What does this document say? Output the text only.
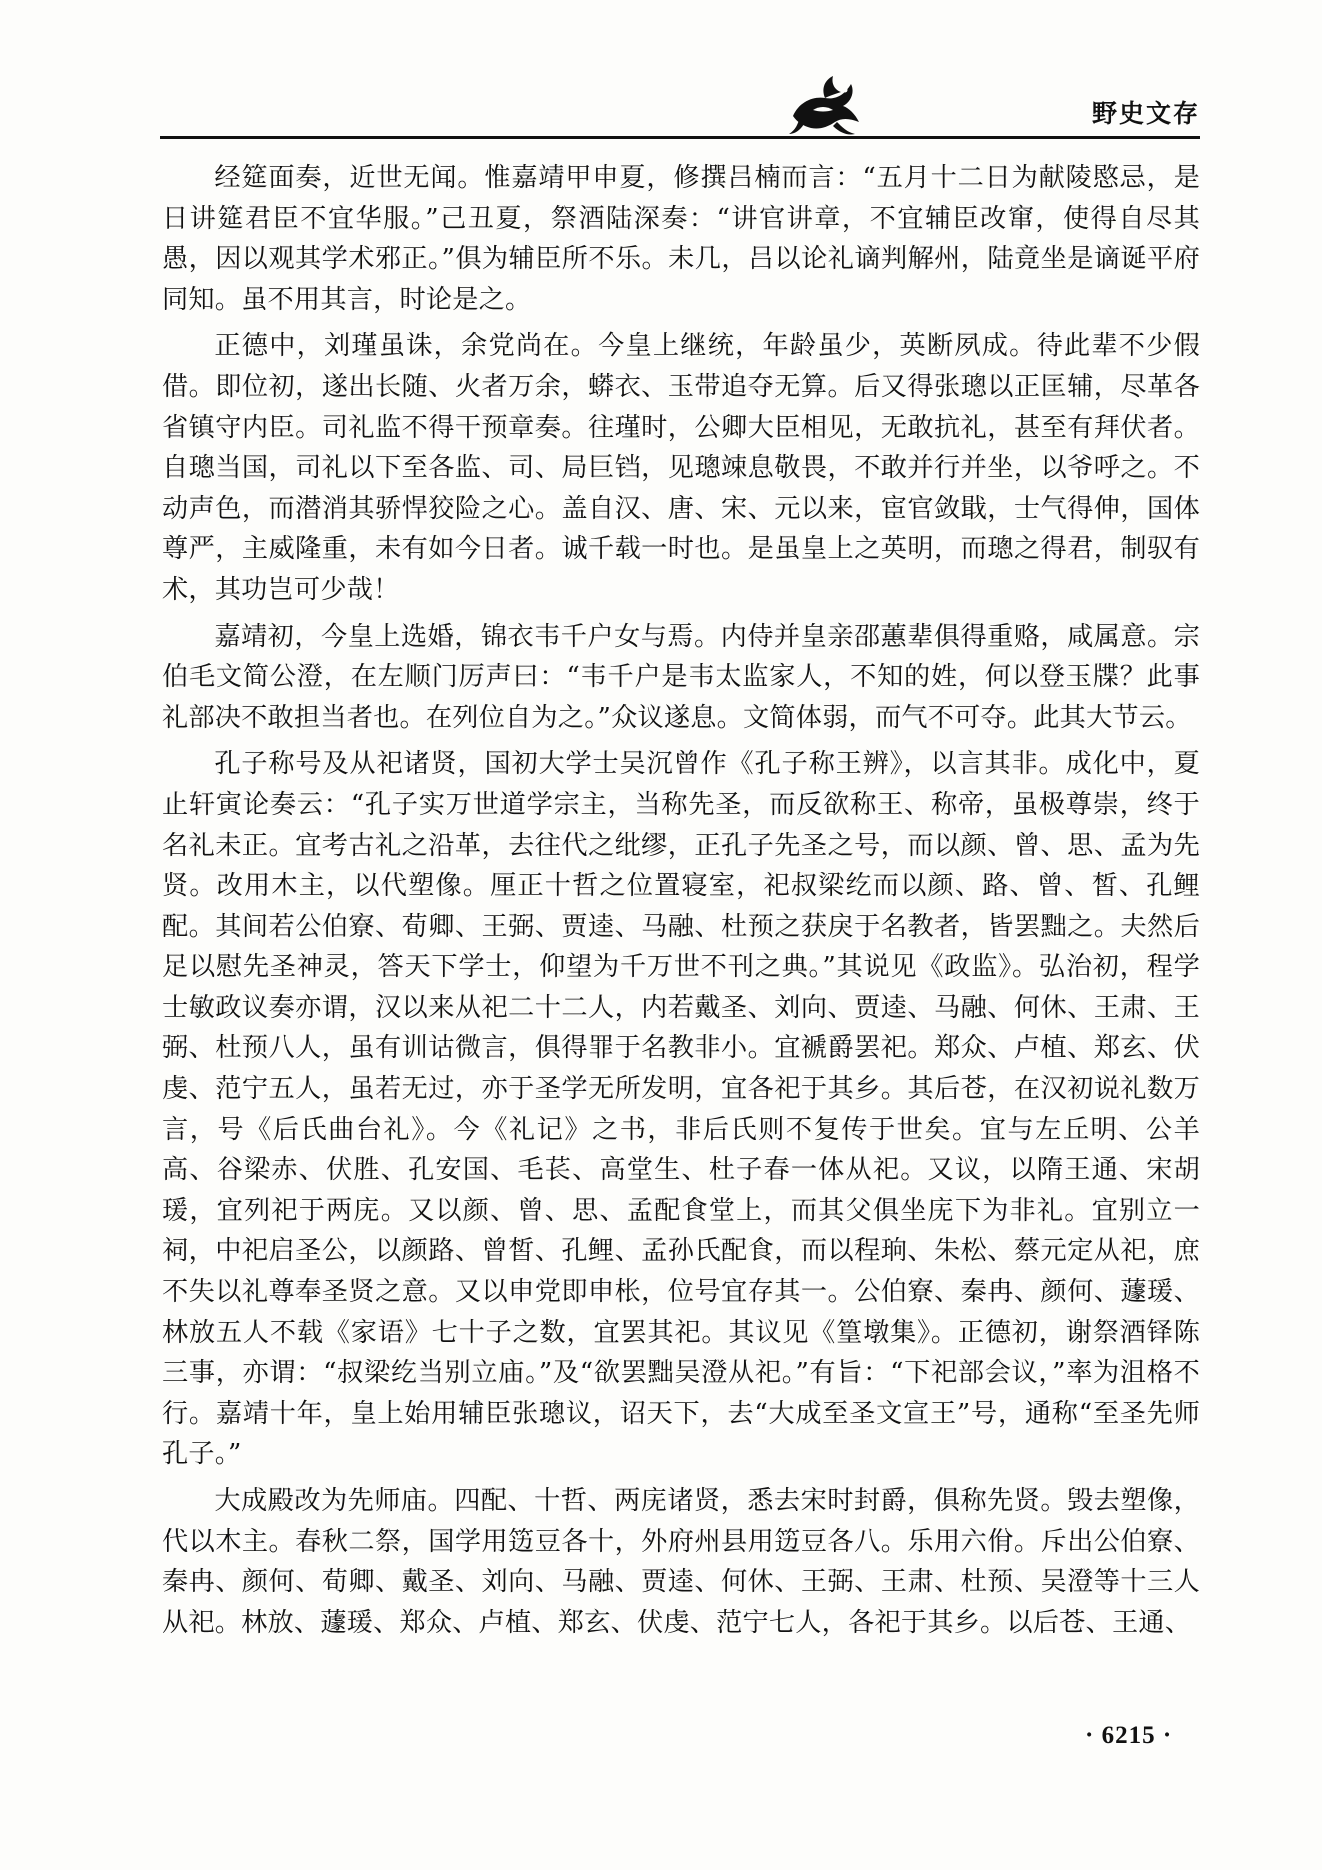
野史文存

经筵面奏，近世无闻。惟嘉靖甲申夏，修撰吕楠而言：“五月十二日为献陵愍忌，是日讲筵君臣不宜华服。”己丑夏，祭酒陆深奏：“讲官讲章，不宜辅臣改窜，使得自尽其愚，因以观其学术邪正。”俱为辅臣所不乐。未几，吕以论礼谪判解州，陆竟坐是谪诞平府同知。虽不用其言，时论是之。

正德中，刘瑾虽诛，余党尚在。今皇上继统，年龄虽少，英断夙成。待此辈不少假借。即位初，遂出长随、火者万余，蟒衣、玉带追夺无算。后又得张璁以正匡辅，尽革各省镇守内臣。司礼监不得干预章奏。往瑾时，公卿大臣相见，无敢抗礼，甚至有拜伏者。自璁当国，司礼以下至各监、司、局巨铛，见璁竦息敬畏，不敢并行并坐，以爷呼之。不动声色，而潜消其骄悍狡险之心。盖自汉、唐、宋、元以来，宦官敛戢，士气得伸，国体尊严，主威隆重，未有如今日者。诚千载一时也。是虽皇上之英明，而璁之得君，制驭有术，其功岂可少哉！

嘉靖初，今皇上选婚，锦衣韦千户女与焉。内侍并皇亲邵蕙辈俱得重赂，咸属意。宗伯毛文简公澄，在左顺门厉声曰：“韦千户是韦太监家人，不知的姓，何以登玉牒？此事礼部决不敢担当者也。在列位自为之。”众议遂息。文简体弱，而气不可夺。此其大节云。

孔子称号及从祀诸贤，国初大学士吴沉曾作《孔子称王辨》，以言其非。成化中，夏止轩寅论奏云：“孔子实万世道学宗主，当称先圣，而反欲称王、称帝，虽极尊崇，终于名礼未正。宜考古礼之沿革，去往代之纰缪，正孔子先圣之号，而以颜、曾、思、孟为先贤。改用木主，以代塑像。厘正十哲之位置寝室，祀叔梁纥而以颜、路、曾、皙、孔鲤配。其间若公伯寮、荀卿、王弼、贾逵、马融、杜预之获戾于名教者，皆罢黜之。夫然后足以慰先圣神灵，答天下学士，仰望为千万世不刊之典。”其说见《政监》。弘治初，程学士敏政议奏亦谓，汉以来从祀二十二人，内若戴圣、刘向、贾逵、马融、何休、王肃、王弼、杜预八人，虽有训诂微言，俱得罪于名教非小。宜褫爵罢祀。郑众、卢植、郑玄、伏虔、范宁五人，虽若无过，亦于圣学无所发明，宜各祀于其乡。其后苍，在汉初说礼数万言，号《后氏曲台礼》。今《礼记》之书，非后氏则不复传于世矣。宜与左丘明、公羊高、谷梁赤、伏胜、孔安国、毛苌、高堂生、杜子春一体从祀。又议，以隋王通、宋胡瑗，宜列祀于两庑。又以颜、曾、思、孟配食堂上，而其父俱坐庑下为非礼。宜别立一祠，中祀启圣公，以颜路、曾皙、孔鲤、孟孙氏配食，而以程珦、朱松、蔡元定从祀，庶不失以礼尊奉圣贤之意。又以申党即申枨，位号宜存其一。公伯寮、秦冉、颜何、蘧瑗、林放五人不载《家语》七十子之数，宜罢其祀。其议见《篁墩集》。正德初，谢祭酒铎陈三事，亦谓：“叔梁纥当别立庙。”及“欲罢黜吴澄从祀。”有旨：“下祀部会议，”率为沮格不行。嘉靖十年，皇上始用辅臣张璁议，诏天下，去“大成至圣文宣王”号，通称“至圣先师孔子。”

大成殿改为先师庙。四配、十哲、两庑诸贤，悉去宋时封爵，俱称先贤。毁去塑像，代以木主。春秋二祭，国学用笾豆各十，外府州县用笾豆各八。乐用六佾。斥出公伯寮、秦冉、颜何、荀卿、戴圣、刘向、马融、贾逵、何休、王弼、王肃、杜预、吴澄等十三人从祀。林放、蘧瑗、郑众、卢植、郑玄、伏虔、范宁七人，各祀于其乡。以后苍、王通、

· 6215 ·
